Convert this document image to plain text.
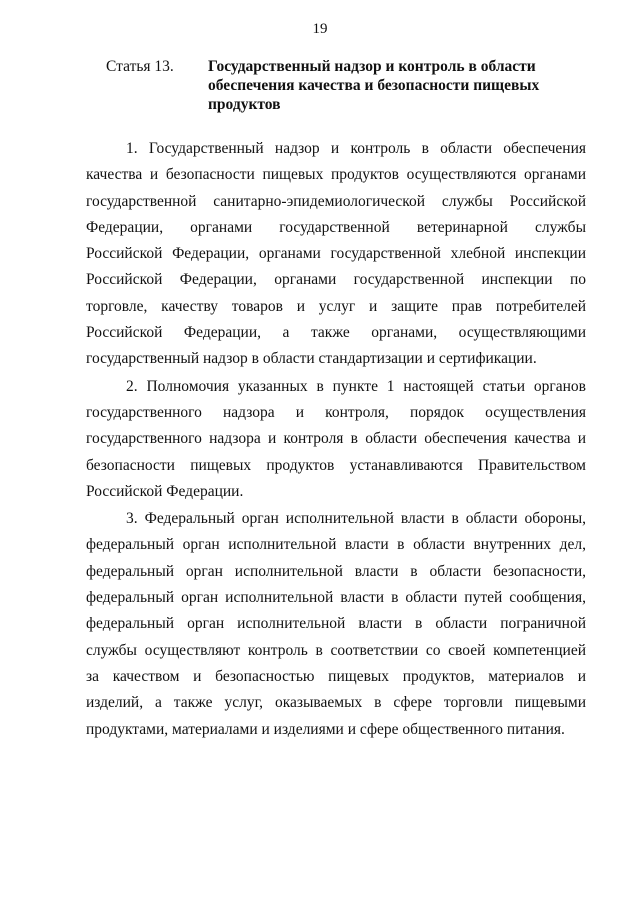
19
Статья 13. Государственный надзор и контроль в области
обеспечения качества и безопасности пищевых
продуктов
1. Государственный надзор и контроль в области обеспечения
качества и безопасности пищевых продуктов осуществляются органами
государственной санитарно-эпидемиологической службы Российской
Федерации, органами государственной ветеринарной службы
Российской Федерации, органами государственной хлебной инспекции
Российской Федерации, органами государственной инспекции по
торговле, качеству товаров и услуг и защите прав потребителей
Российской Федерации, а также органами, осуществляющими
государственный надзор в области стандартизации и сертификации.
2. Полномочия указанных в пункте 1 настоящей статьи органов
государственного надзора и контроля, порядок осуществления
государственного надзора и контроля в области обеспечения качества и
безопасности пищевых продуктов устанавливаются Правительством
Российской Федерации.
3. Федеральный орган исполнительной власти в области обороны,
федеральный орган исполнительной власти в области внутренних дел,
федеральный орган исполнительной власти в области безопасности,
федеральный орган исполнительной власти в области путей сообщения,
федеральный орган исполнительной власти в области пограничной
службы осуществляют контроль в соответствии со своей компетенцией
за качеством и безопасностью пищевых продуктов, материалов и
изделий, а также услуг, оказываемых в сфере торговли пищевыми
продуктами, материалами и изделиями и сфере общественного питания.
